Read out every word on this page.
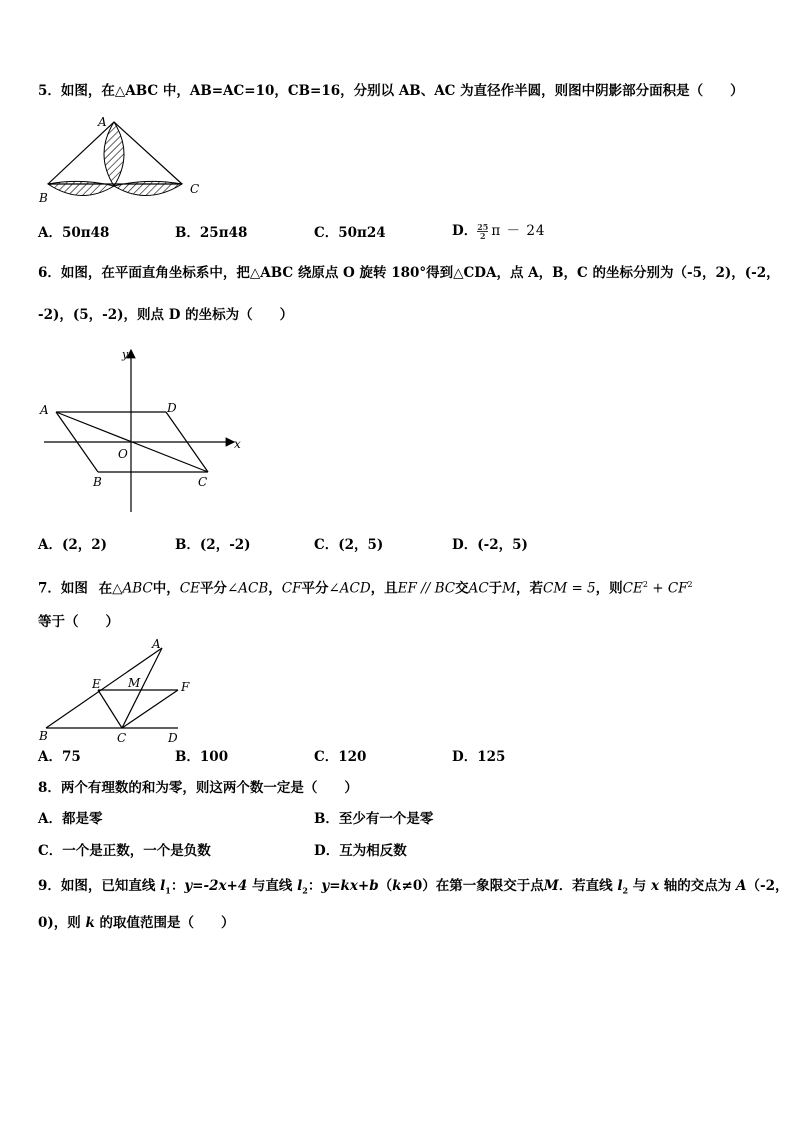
5．如图，在△ABC 中，AB=AC=10，CB=16，分别以 AB、AC 为直径作半圆，则图中阴影部分面积是（　　）
A
B
C
A．50π48	B．25π48	C．50π24	D． $\frac{25}{2}$ π － 24
6．如图，在平面直角坐标系中，把△ABC 绕原点 O 旋转 180°得到△CDA，点 A，B，C 的坐标分别为（-5，2)，(-2，
-2)，(5，-2)，则点 D 的坐标为（　　）
y
x
A	D
O
B	C
A．(2，2)	B．(2，-2)	C．(2，5)	D．(-2，5)
7．如图 在△ABC中，CE平分∠ACB，CF平分∠ACD，且EF // BC交AC于M，若CM = 5，则$CE^2 + CF^2$
等于（　　）
A
E M	F
B	C	D
A．75	B．100	C．120	D．125
8．两个有理数的和为零，则这两个数一定是（　　）
A．都是零	B．至少有一个是零
C．一个是正数，一个是负数	D．互为相反数
9．如图，已知直线 $l_1$：y=-2x+4 与直线 $l_2$：y=kx+b（k≠0）在第一象限交于点M．若直线 $l_2$ 与 x 轴的交点为 A（-2，
0)，则 k 的取值范围是（　　）
